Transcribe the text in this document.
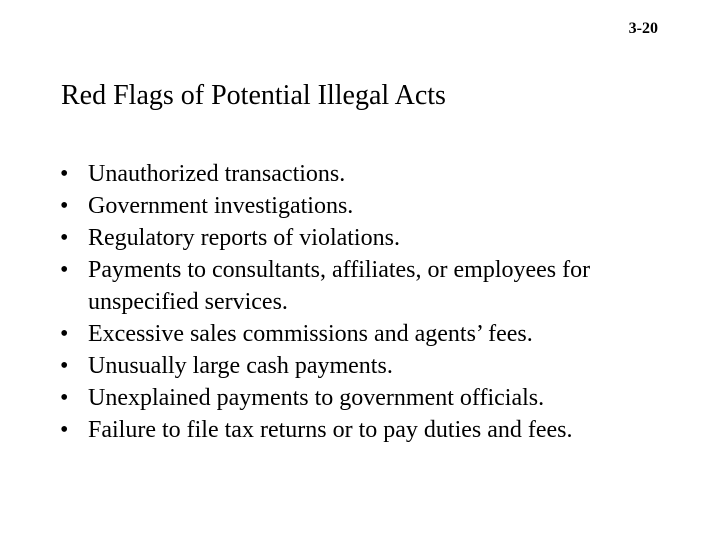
3-20
Red Flags of Potential Illegal Acts
• Unauthorized transactions.
• Government investigations.
• Regulatory reports of violations.
• Payments to consultants, affiliates, or employees for unspecified services.
• Excessive sales commissions and agents’ fees.
• Unusually large cash payments.
• Unexplained payments to government officials.
• Failure to file tax returns or to pay duties and fees.
